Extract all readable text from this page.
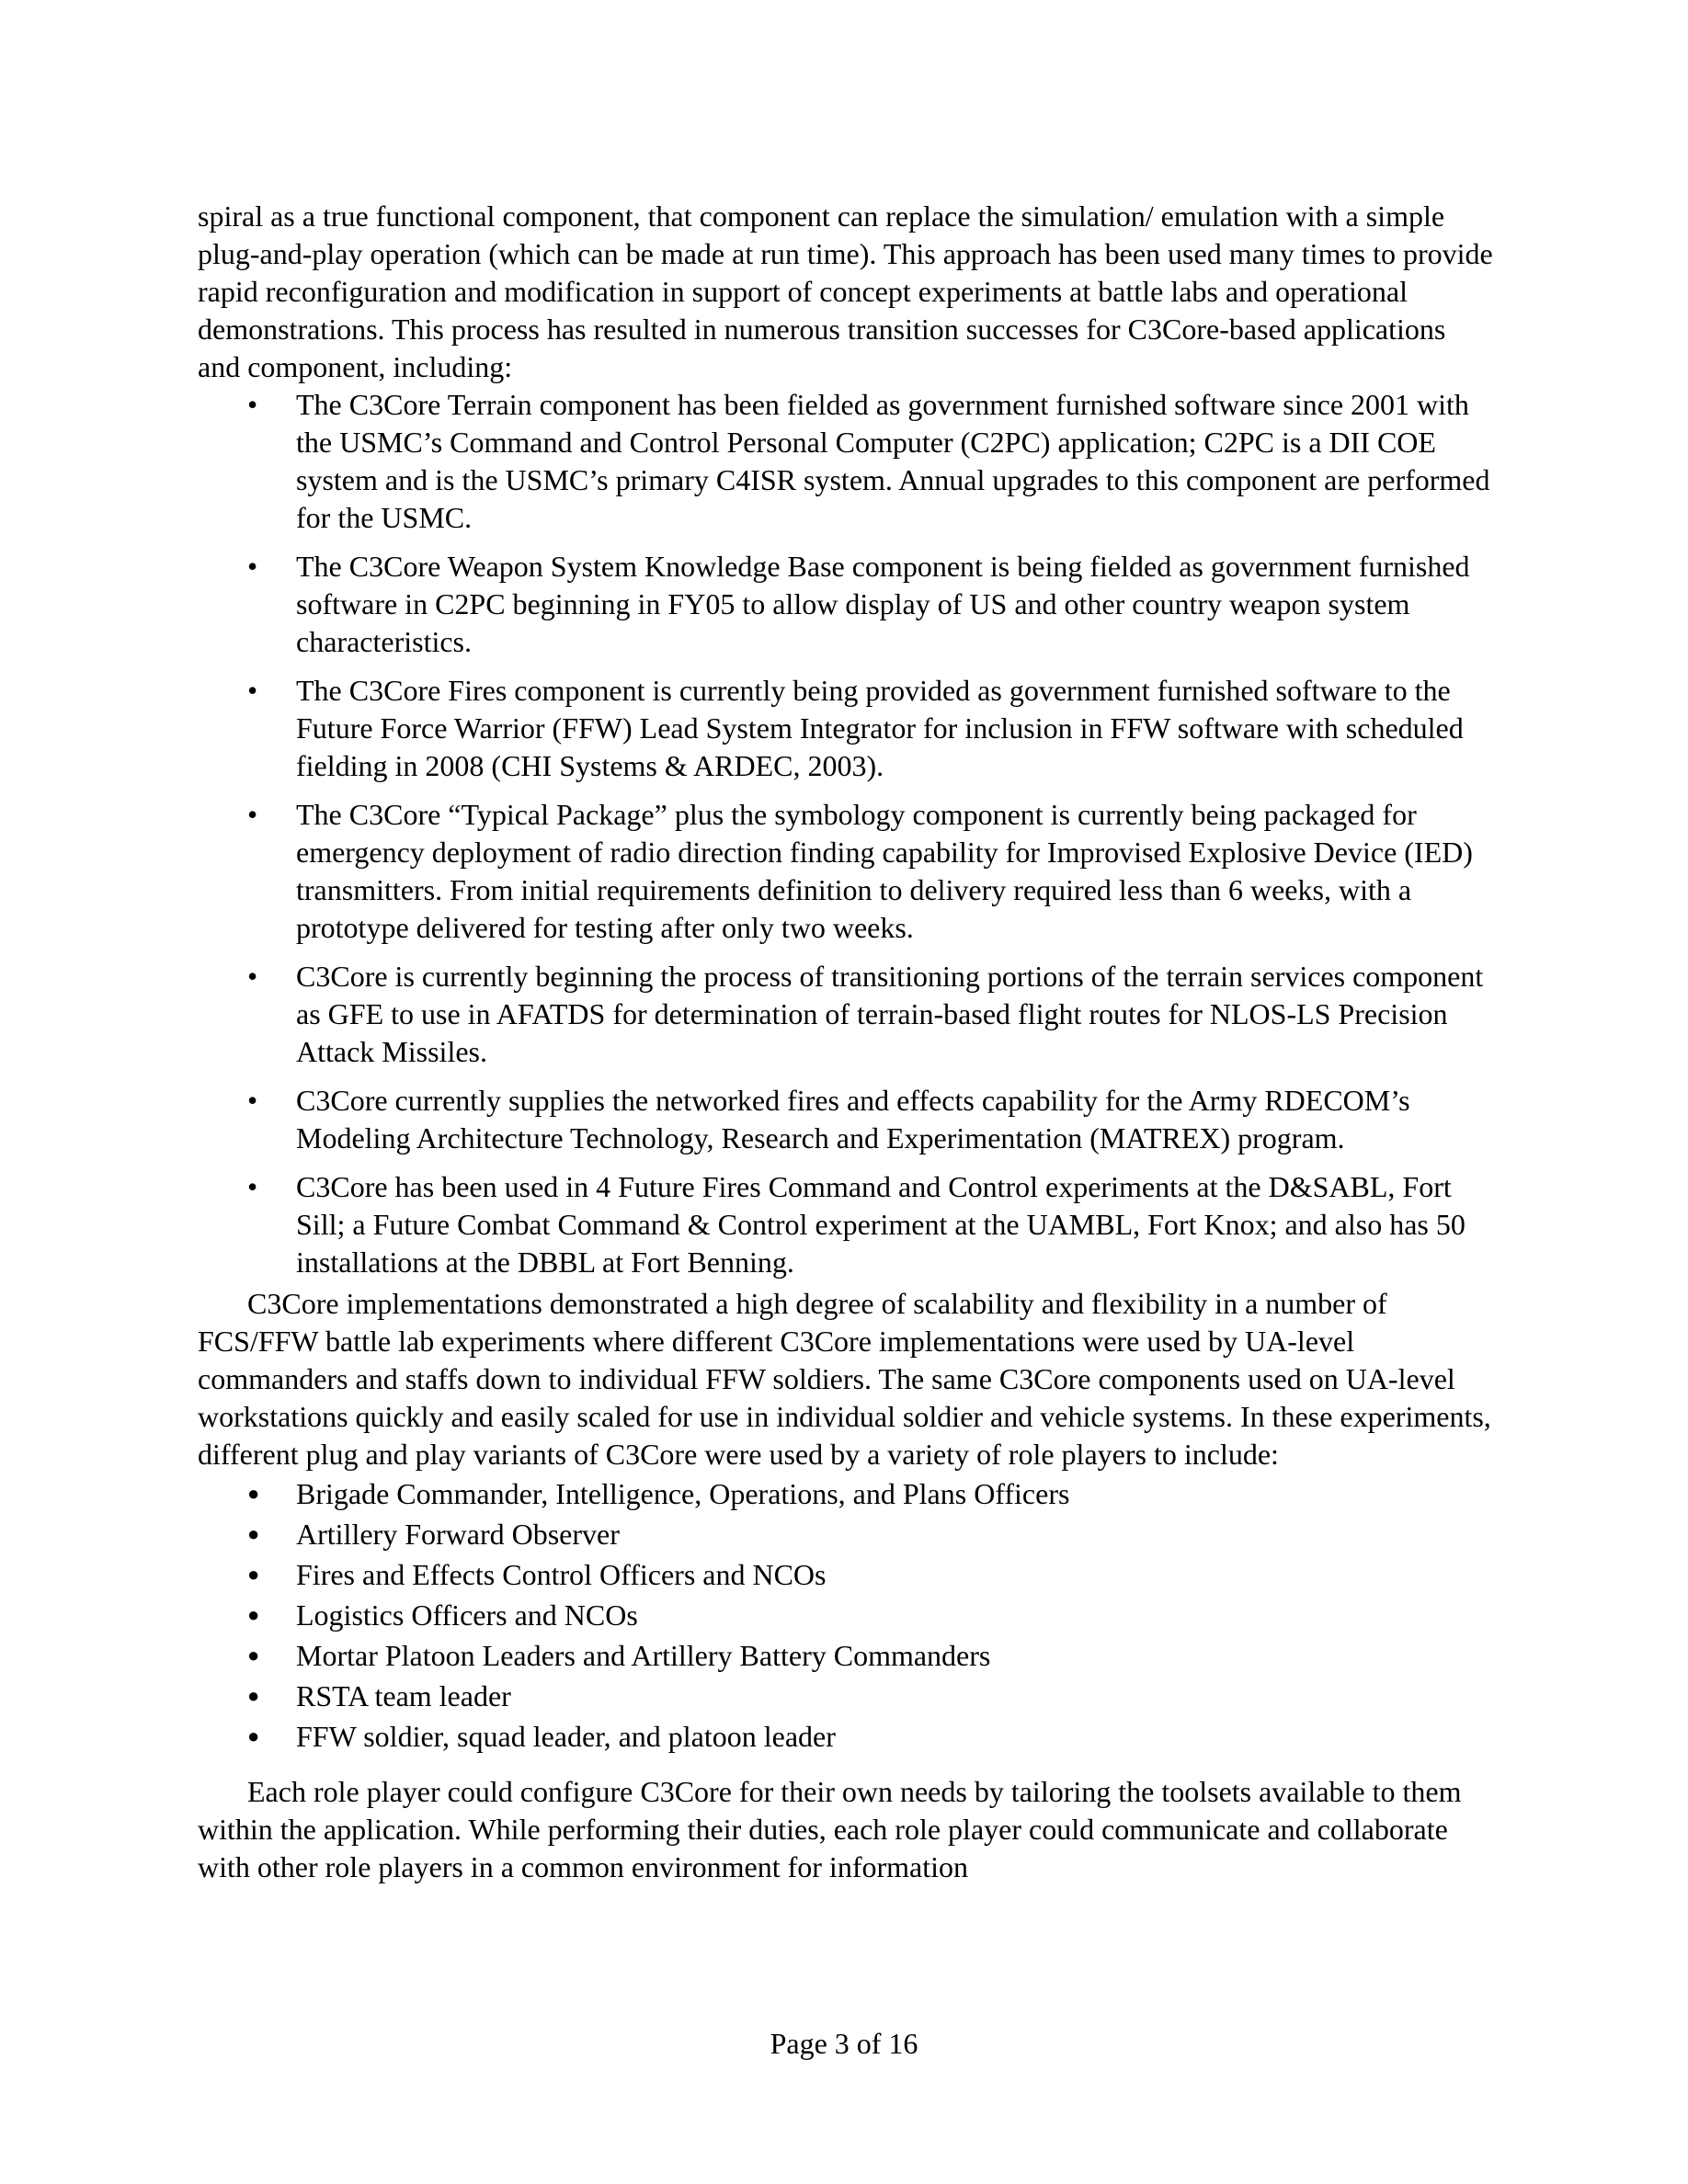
spiral as a true functional component, that component can replace the simulation/ emulation with a simple plug-and-play operation (which can be made at run time). This approach has been used many times to provide rapid reconfiguration and modification in support of concept experiments at battle labs and operational demonstrations. This process has resulted in numerous transition successes for C3Core-based applications and component, including:

• The C3Core Terrain component has been fielded as government furnished software since 2001 with the USMC’s Command and Control Personal Computer (C2PC) application; C2PC is a DII COE system and is the USMC’s primary C4ISR system. Annual upgrades to this component are performed for the USMC.
• The C3Core Weapon System Knowledge Base component is being fielded as government furnished software in C2PC beginning in FY05 to allow display of US and other country weapon system characteristics.
• The C3Core Fires component is currently being provided as government furnished software to the Future Force Warrior (FFW) Lead System Integrator for inclusion in FFW software with scheduled fielding in 2008 (CHI Systems & ARDEC, 2003).
• The C3Core “Typical Package” plus the symbology component is currently being packaged for emergency deployment of radio direction finding capability for Improvised Explosive Device (IED) transmitters. From initial requirements definition to delivery required less than 6 weeks, with a prototype delivered for testing after only two weeks.
• C3Core is currently beginning the process of transitioning portions of the terrain services component as GFE to use in AFATDS for determination of terrain-based flight routes for NLOS-LS Precision Attack Missiles.
• C3Core currently supplies the networked fires and effects capability for the Army RDECOM’s Modeling Architecture Technology, Research and Experimentation (MATREX) program.
• C3Core has been used in 4 Future Fires Command and Control experiments at the D&SABL, Fort Sill; a Future Combat Command & Control experiment at the UAMBL, Fort Knox; and also has 50 installations at the DBBL at Fort Benning.

C3Core implementations demonstrated a high degree of scalability and flexibility in a number of FCS/FFW battle lab experiments where different C3Core implementations were used by UA-level commanders and staffs down to individual FFW soldiers. The same C3Core components used on UA-level workstations quickly and easily scaled for use in individual soldier and vehicle systems. In these experiments, different plug and play variants of C3Core were used by a variety of role players to include:

● Brigade Commander, Intelligence, Operations, and Plans Officers
● Artillery Forward Observer
● Fires and Effects Control Officers and NCOs
● Logistics Officers and NCOs
● Mortar Platoon Leaders and Artillery Battery Commanders
● RSTA team leader
● FFW soldier, squad leader, and platoon leader

Each role player could configure C3Core for their own needs by tailoring the toolsets available to them within the application. While performing their duties, each role player could communicate and collaborate with other role players in a common environment for information

Page 3 of 16
